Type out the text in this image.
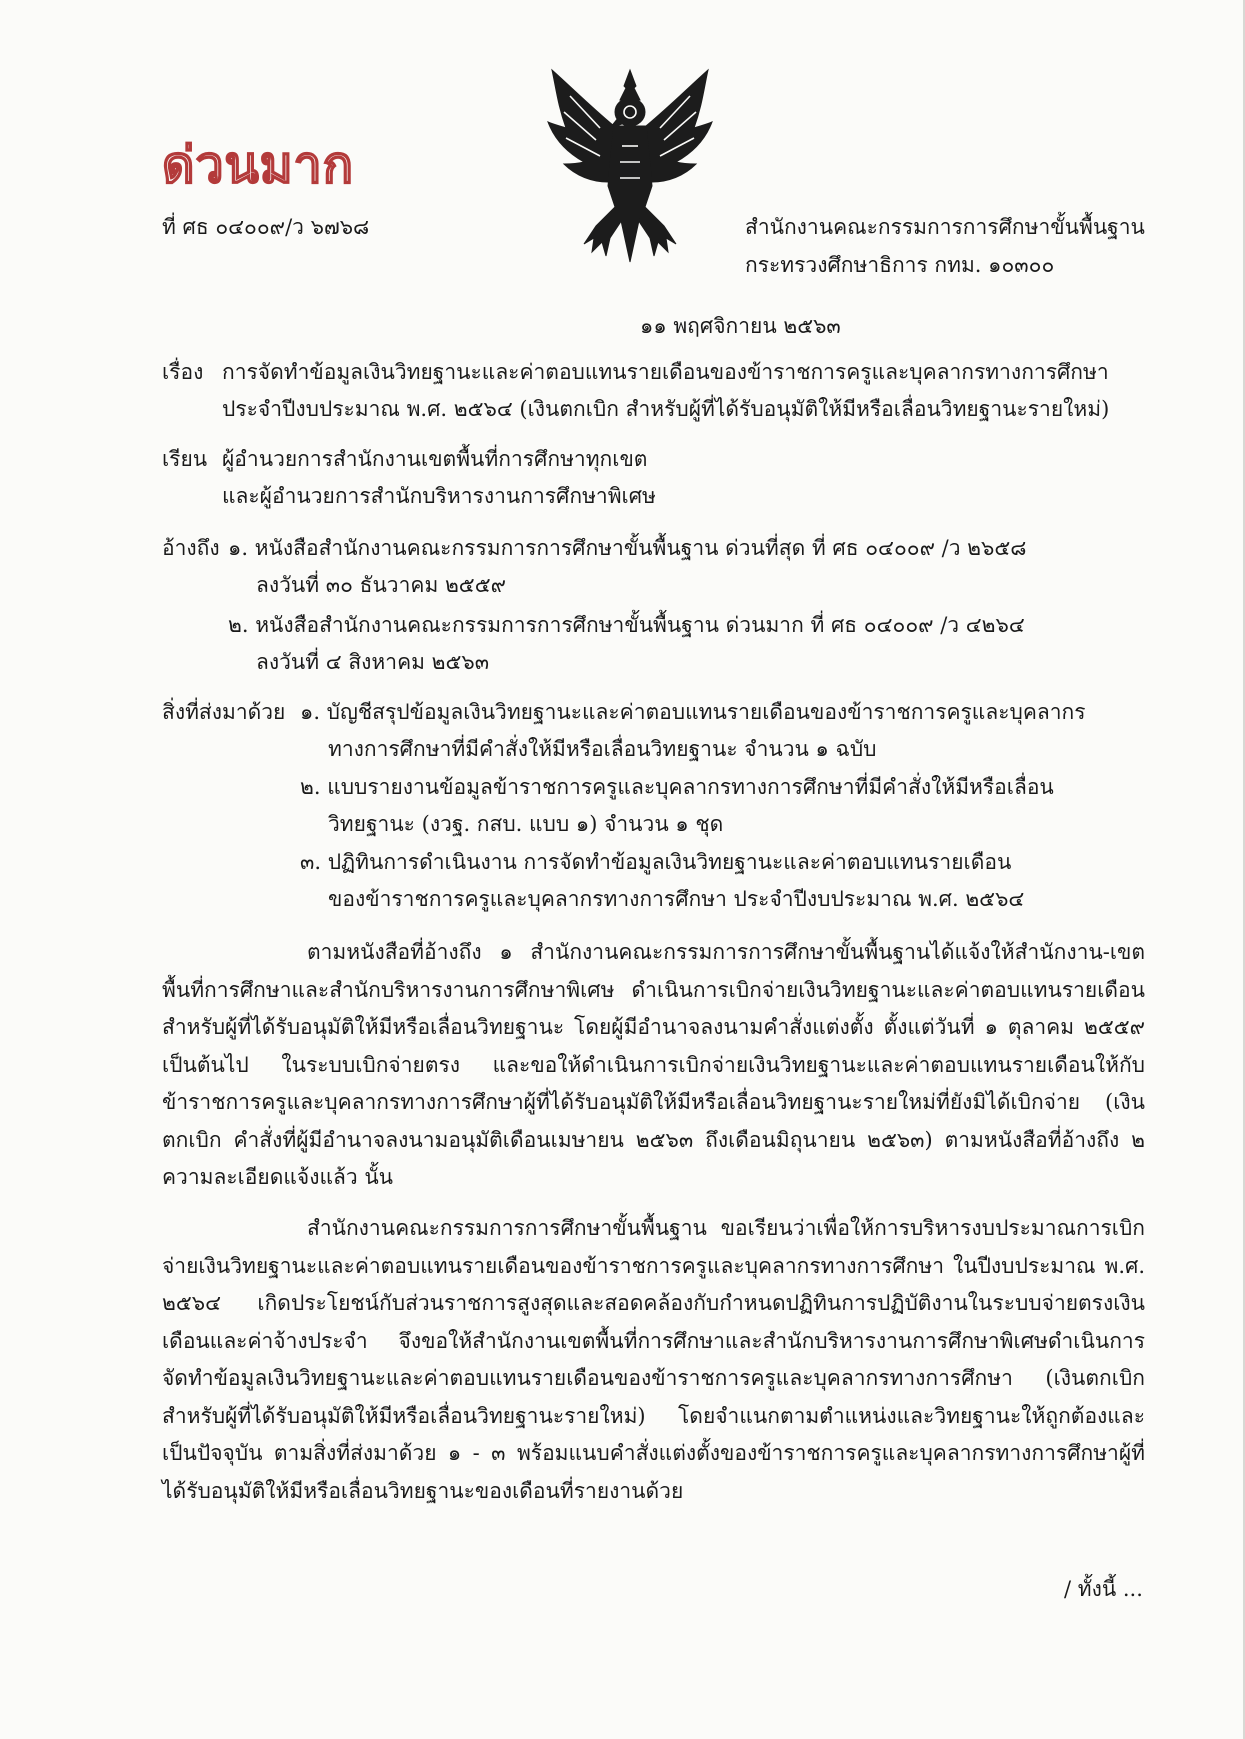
ด่วนมาก
ที่ ศธ ๐๔๐๐๙/ว ๖๗๖๘	สำนักงานคณะกรรมการการศึกษาขั้นพื้นฐาน
กระทรวงศึกษาธิการ กทม. ๑๐๓๐๐
๑๑ พฤศจิกายน ๒๕๖๓
เรื่อง การจัดทำข้อมูลเงินวิทยฐานะและค่าตอบแทนรายเดือนของข้าราชการครูและบุคลากรทางการศึกษา
ประจำปีงบประมาณ พ.ศ. ๒๕๖๔ (เงินตกเบิก สำหรับผู้ที่ได้รับอนุมัติให้มีหรือเลื่อนวิทยฐานะรายใหม่)
เรียน ผู้อำนวยการสำนักงานเขตพื้นที่การศึกษาทุกเขต
และผู้อำนวยการสำนักบริหารงานการศึกษาพิเศษ
อ้างถึง ๑. หนังสือสำนักงานคณะกรรมการการศึกษาขั้นพื้นฐาน ด่วนที่สุด ที่ ศธ ๐๔๐๐๙ /ว ๒๖๕๘
ลงวันที่ ๓๐ ธันวาคม ๒๕๕๙
๒. หนังสือสำนักงานคณะกรรมการการศึกษาขั้นพื้นฐาน ด่วนมาก ที่ ศธ ๐๔๐๐๙ /ว ๔๒๖๔
ลงวันที่ ๔ สิงหาคม ๒๕๖๓
สิ่งที่ส่งมาด้วย ๑. บัญชีสรุปข้อมูลเงินวิทยฐานะและค่าตอบแทนรายเดือนของข้าราชการครูและบุคลากร
ทางการศึกษาที่มีคำสั่งให้มีหรือเลื่อนวิทยฐานะ จำนวน ๑ ฉบับ
๒. แบบรายงานข้อมูลข้าราชการครูและบุคลากรทางการศึกษาที่มีคำสั่งให้มีหรือเลื่อน
วิทยฐานะ (งวฐ. กสบ. แบบ ๑) จำนวน ๑ ชุด
๓. ปฏิทินการดำเนินงาน การจัดทำข้อมูลเงินวิทยฐานะและค่าตอบแทนรายเดือน
ของข้าราชการครูและบุคลากรทางการศึกษา ประจำปีงบประมาณ พ.ศ. ๒๕๖๔
ตามหนังสือที่อ้างถึง ๑ สำนักงานคณะกรรมการการศึกษาขั้นพื้นฐานได้แจ้งให้สำนักงาน-เขตพื้นที่การศึกษาและสำนักบริหารงานการศึกษาพิเศษ ดำเนินการเบิกจ่ายเงินวิทยฐานะและค่าตอบแทนรายเดือนสำหรับผู้ที่ได้รับอนุมัติให้มีหรือเลื่อนวิทยฐานะ โดยผู้มีอำนาจลงนามคำสั่งแต่งตั้ง ตั้งแต่วันที่ ๑ ตุลาคม ๒๕๕๙ เป็นต้นไป ในระบบเบิกจ่ายตรง และขอให้ดำเนินการเบิกจ่ายเงินวิทยฐานะและค่าตอบแทนรายเดือนให้กับข้าราชการครูและบุคลากรทางการศึกษาผู้ที่ได้รับอนุมัติให้มีหรือเลื่อนวิทยฐานะรายใหม่ที่ยังมิได้เบิกจ่าย (เงินตกเบิก คำสั่งที่ผู้มีอำนาจลงนามอนุมัติเดือนเมษายน ๒๕๖๓ ถึงเดือนมิถุนายน ๒๕๖๓) ตามหนังสือที่อ้างถึง ๒ ความละเอียดแจ้งแล้ว นั้น
สำนักงานคณะกรรมการการศึกษาขั้นพื้นฐาน ขอเรียนว่าเพื่อให้การบริหารงบประมาณการเบิกจ่ายเงินวิทยฐานะและค่าตอบแทนรายเดือนของข้าราชการครูและบุคลากรทางการศึกษา ในปีงบประมาณ พ.ศ. ๒๕๖๔ เกิดประโยชน์กับส่วนราชการสูงสุดและสอดคล้องกับกำหนดปฏิทินการปฏิบัติงานในระบบจ่ายตรงเงินเดือนและค่าจ้างประจำ จึงขอให้สำนักงานเขตพื้นที่การศึกษาและสำนักบริหารงานการศึกษาพิเศษดำเนินการจัดทำข้อมูลเงินวิทยฐานะและค่าตอบแทนรายเดือนของข้าราชการครูและบุคลากรทางการศึกษา (เงินตกเบิก สำหรับผู้ที่ได้รับอนุมัติให้มีหรือเลื่อนวิทยฐานะรายใหม่) โดยจำแนกตามตำแหน่งและวิทยฐานะให้ถูกต้องและเป็นปัจจุบัน ตามสิ่งที่ส่งมาด้วย ๑ - ๓ พร้อมแนบคำสั่งแต่งตั้งของข้าราชการครูและบุคลากรทางการศึกษาผู้ที่ได้รับอนุมัติให้มีหรือเลื่อนวิทยฐานะของเดือนที่รายงานด้วย
/ ทั้งนี้ ...
